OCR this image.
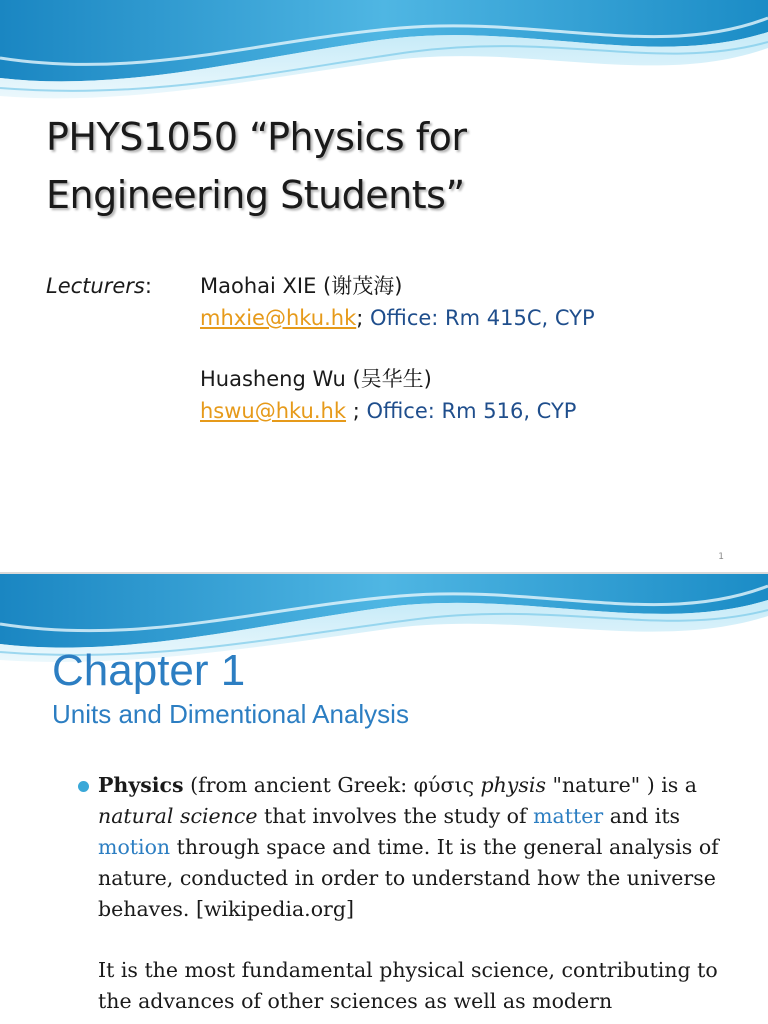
PHYS1050 “Physics for
Engineering Students”
Lecturers: Maohai XIE (谢茂海)
mhxie@hku.hk; Office: Rm 415C, CYP
Huasheng Wu (吴华生)
hswu@hku.hk ; Office: Rm 516, CYP
1
Chapter 1
Units and Dimentional Analysis
Physics (from ancient Greek: φύσις physis "nature" ) is a natural science that involves the study of matter and its motion through space and time. It is the general analysis of nature, conducted in order to understand how the universe behaves. [wikipedia.org]
It is the most fundamental physical science, contributing to the advances of other sciences as well as modern
